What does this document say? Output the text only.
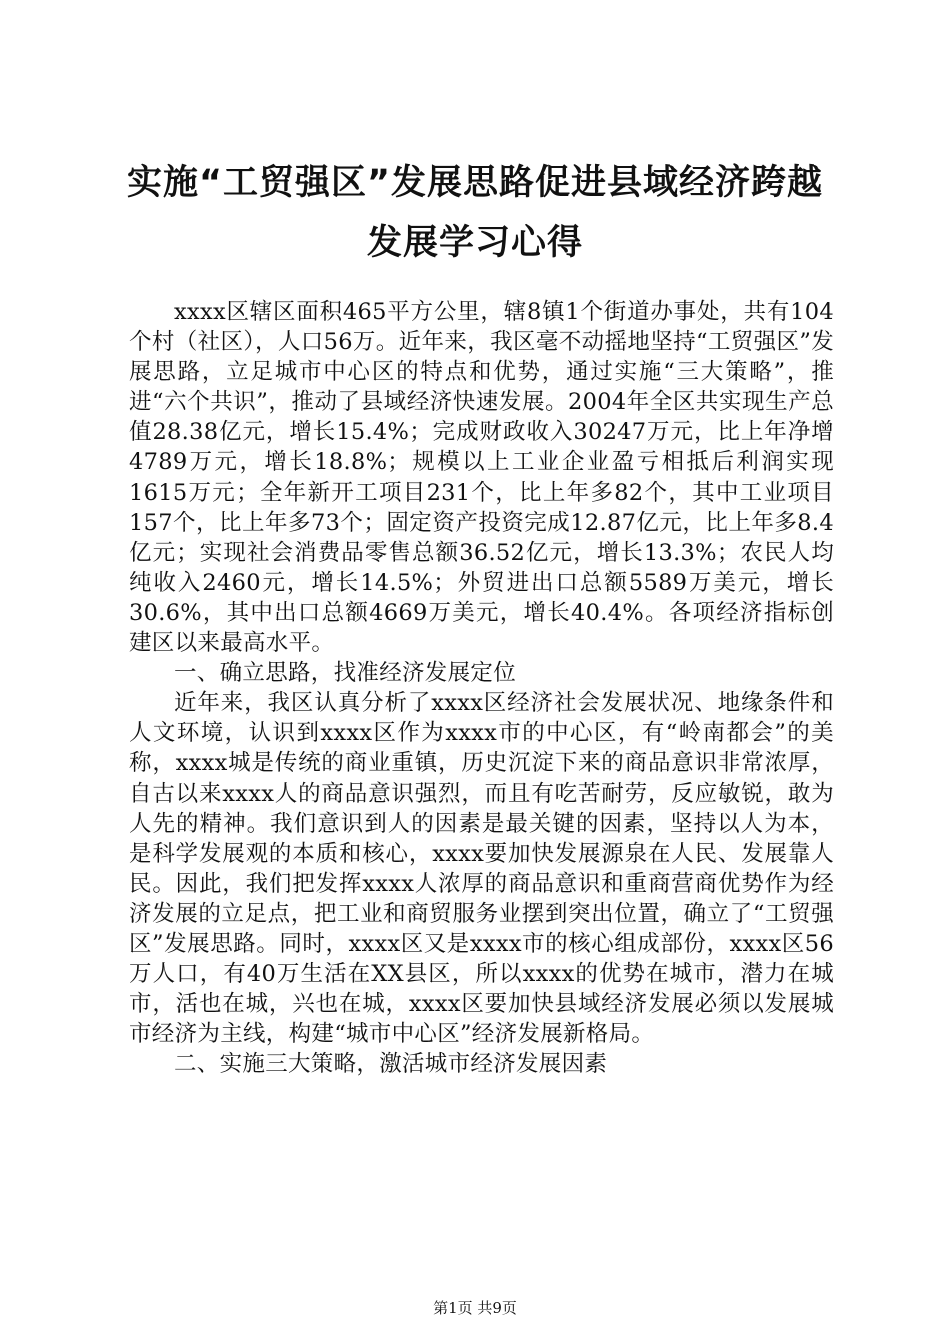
实施“工贸强区”发展思路促进县域经济跨越
发展学习心得

xxxx区辖区面积465平方公里，辖8镇1个街道办事处，共有104个村（社区），人口56万。近年来，我区毫不动摇地坚持“工贸强区”发展思路，立足城市中心区的特点和优势，通过实施“三大策略”，推进“六个共识”，推动了县域经济快速发展。2004年全区共实现生产总值28.38亿元，增长15.4%；完成财政收入30247万元，比上年净增4789万元，增长18.8%；规模以上工业企业盈亏相抵后利润实现1615万元；全年新开工项目231个，比上年多82个，其中工业项目157个，比上年多73个；固定资产投资完成12.87亿元，比上年多8.4亿元；实现社会消费品零售总额36.52亿元，增长13.3%；农民人均纯收入2460元，增长14.5%；外贸进出口总额5589万美元，增长30.6%，其中出口总额4669万美元，增长40.4%。各项经济指标创建区以来最高水平。

一、确立思路，找准经济发展定位

近年来，我区认真分析了xxxx区经济社会发展状况、地缘条件和人文环境，认识到xxxx区作为xxxx市的中心区，有“岭南都会”的美称，xxxx城是传统的商业重镇，历史沉淀下来的商品意识非常浓厚，自古以来xxxx人的商品意识强烈，而且有吃苦耐劳，反应敏锐，敢为人先的精神。我们意识到人的因素是最关键的因素，坚持以人为本，是科学发展观的本质和核心，xxxx要加快发展源泉在人民、发展靠人民。因此，我们把发挥xxxx人浓厚的商品意识和重商营商优势作为经济发展的立足点，把工业和商贸服务业摆到突出位置，确立了“工贸强区”发展思路。同时，xxxx区又是xxxx市的核心组成部份，xxxx区56万人口，有40万生活在XX县区，所以xxxx的优势在城市，潜力在城市，活也在城，兴也在城，xxxx区要加快县域经济发展必须以发展城市经济为主线，构建“城市中心区”经济发展新格局。

二、实施三大策略，激活城市经济发展因素

第1页 共9页
